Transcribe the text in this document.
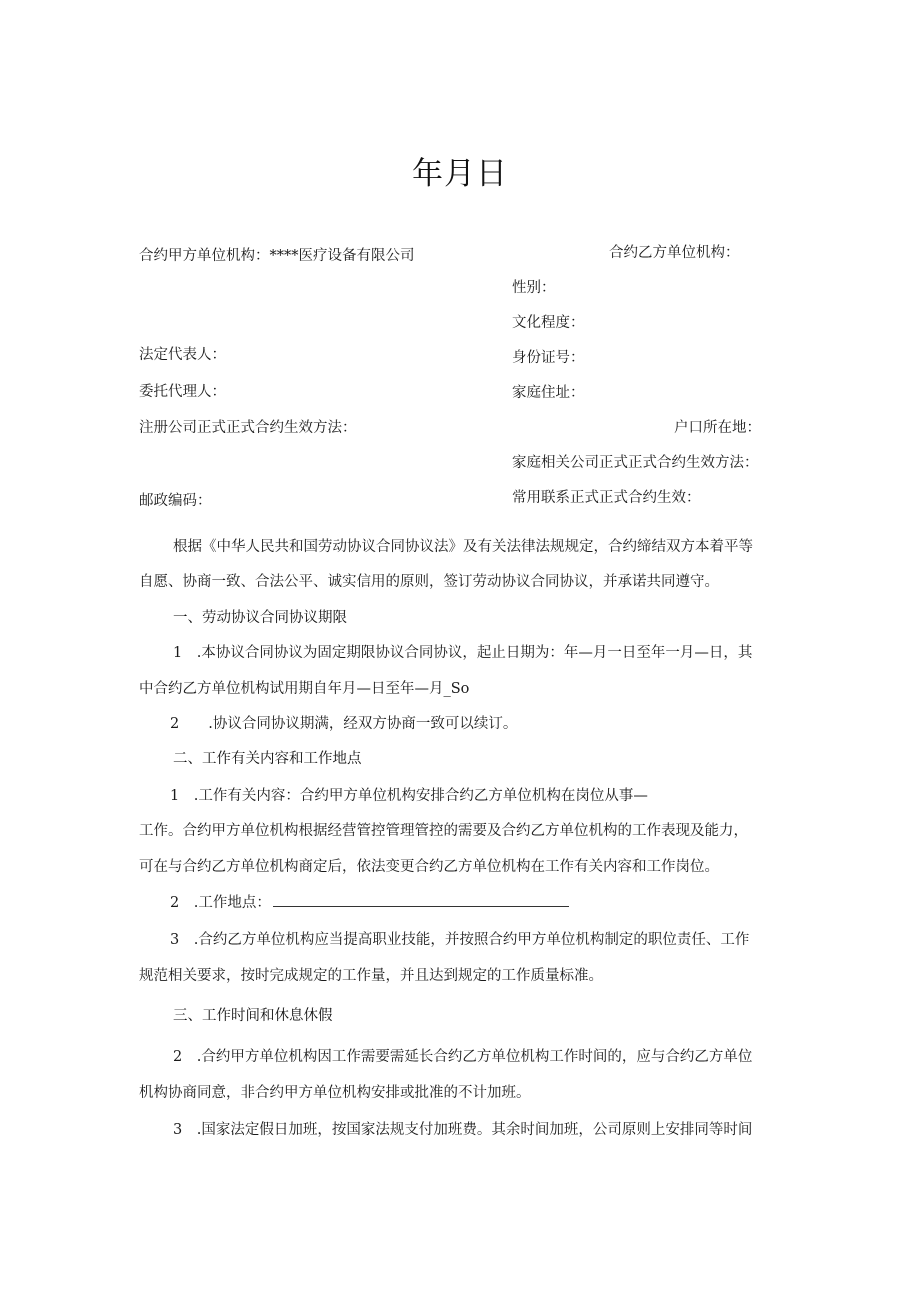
年月日
合约甲方单位机构：****医疗设备有限公司	合约乙方单位机构：
性别：
文化程度：
法定代表人：	身份证号：
委托代理人：	家庭住址：
注册公司正式正式合约生效方法：	户口所在地：
家庭相关公司正式正式合约生效方法：
邮政编码：	常用联系正式正式合约生效：
根据《中华人民共和国劳动协议合同协议法》及有关法律法规规定，合约缔结双方本着平等
自愿、协商一致、合法公平、诚实信用的原则，签订劳动协议合同协议，并承诺共同遵守。
一、劳动协议合同协议期限
1　.本协议合同协议为固定期限协议合同协议，起止日期为：年—月一日至年一月—日，其
中合约乙方单位机构试用期自年月—日至年—月_So
2　　.协议合同协议期满，经双方协商一致可以续订。
二、工作有关内容和工作地点
1　.工作有关内容：合约甲方单位机构安排合约乙方单位机构在岗位从事—
工作。合约甲方单位机构根据经营管控管理管控的需要及合约乙方单位机构的工作表现及能力，
可在与合约乙方单位机构商定后，依法变更合约乙方单位机构在工作有关内容和工作岗位。
2　.工作地点：
3　.合约乙方单位机构应当提高职业技能，并按照合约甲方单位机构制定的职位责任、工作
规范相关要求，按时完成规定的工作量，并且达到规定的工作质量标准。
三、工作时间和休息休假
2　.合约甲方单位机构因工作需要需延长合约乙方单位机构工作时间的，应与合约乙方单位
机构协商同意，非合约甲方单位机构安排或批准的不计加班。
3　.国家法定假日加班，按国家法规支付加班费。其余时间加班，公司原则上安排同等时间
